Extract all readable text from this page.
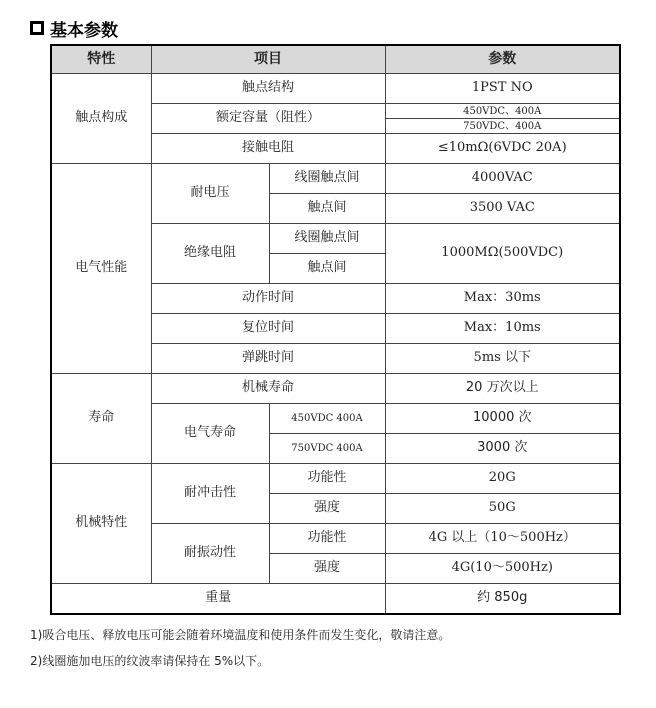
基本参数
特性	项目		参数
触点构成	触点结构		1PST NO
	额定容量（阻性）		450VDC、400A
			750VDC、400A
	接触电阻		≤10mΩ(6VDC 20A)
电气性能	耐电压	线圈触点间	4000VAC
		触点间	3500 VAC
	绝缘电阻	线圈触点间	1000MΩ(500VDC)
		触点间	
	动作时间		Max：30ms
	复位时间		Max：10ms
	弹跳时间		5ms 以下
寿命	机械寿命		20 万次以上
	电气寿命	450VDC 400A	10000 次
		750VDC 400A	3000 次
机械特性	耐冲击性	功能性	20G
		强度	50G
	耐振动性	功能性	4G 以上（10～500Hz）
		强度	4G(10～500Hz)
重量			约 850g
1)吸合电压、释放电压可能会随着环境温度和使用条件而发生变化，敬请注意。
2)线圈施加电压的纹波率请保持在 5%以下。
